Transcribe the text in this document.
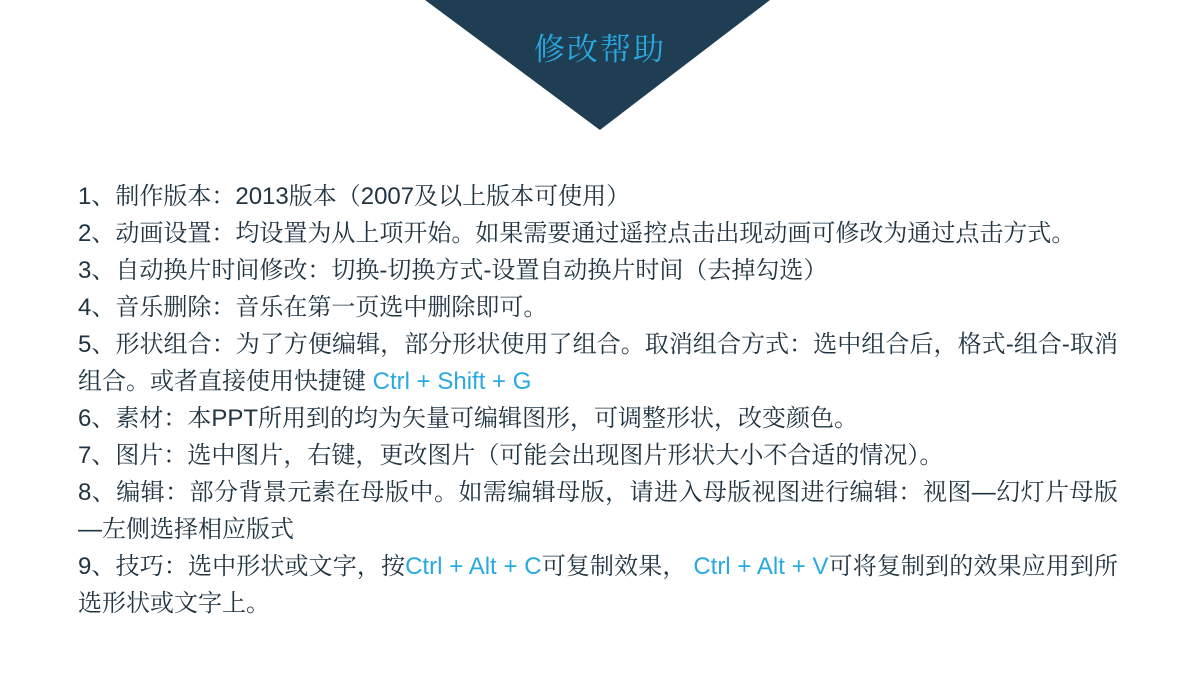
修改帮助

1、制作版本：2013版本（2007及以上版本可使用）

2、动画设置：均设置为从上项开始。如果需要通过遥控点击出现动画可修改为通过点击方式。

3、自动换片时间修改：切换-切换方式-设置自动换片时间（去掉勾选）

4、音乐删除：音乐在第一页选中删除即可。

5、形状组合：为了方便编辑，部分形状使用了组合。取消组合方式：选中组合后，格式-组合-取消组合。或者直接使用快捷键 Ctrl + Shift + G

6、素材：本PPT所用到的均为矢量可编辑图形，可调整形状，改变颜色。

7、图片：选中图片，右键，更改图片（可能会出现图片形状大小不合适的情况）。

8、编辑：部分背景元素在母版中。如需编辑母版，请进入母版视图进行编辑：视图—幻灯片母版—左侧选择相应版式

9、技巧：选中形状或文字，按Ctrl + Alt + C可复制效果， Ctrl + Alt + V可将复制到的效果应用到所选形状或文字上。
